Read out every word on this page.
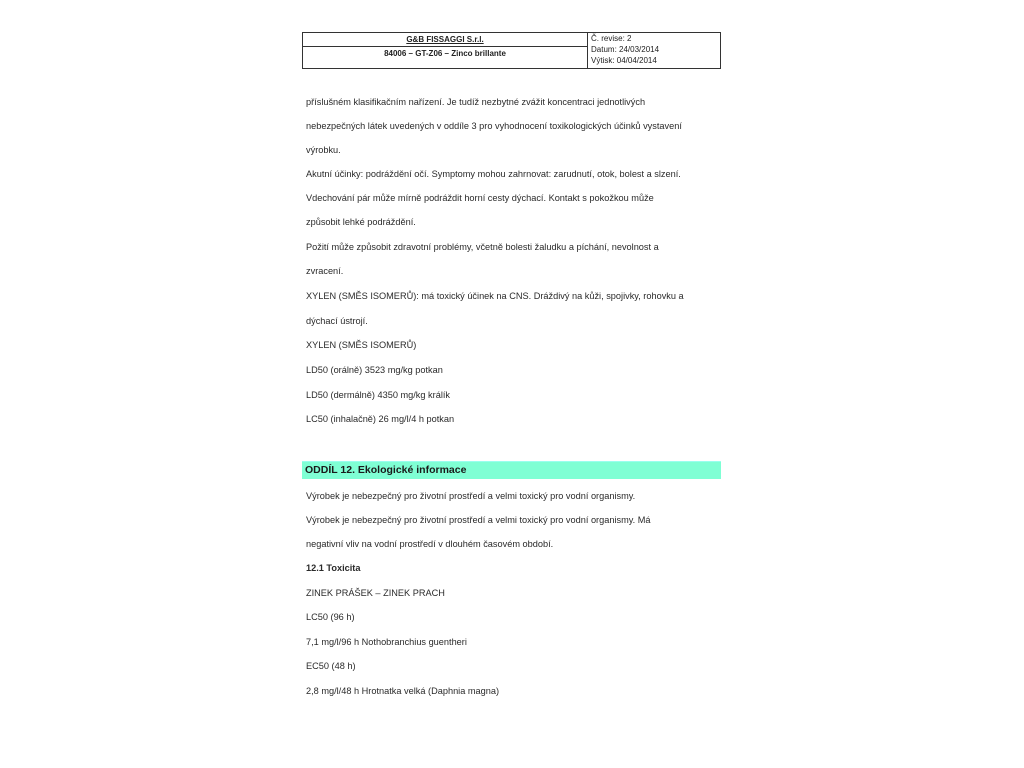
G&B FISSAGGI S.r.l.
84006 – GT-Z06 – Zinco brillante
Č. revise: 2
Datum: 24/03/2014
Výtisk: 04/04/2014
příslušném klasifikačním nařízení. Je tudíž nezbytné zvážit koncentraci jednotlivých
nebezpečných látek uvedených v oddíle 3 pro vyhodnocení toxikologických účinků vystavení
výrobku.
Akutní účinky: podráždění očí. Symptomy mohou zahrnovat: zarudnutí, otok, bolest a slzení.
Vdechování pár může mírně podráždit horní cesty dýchací. Kontakt s pokožkou může
způsobit lehké podráždění.
Požití může způsobit zdravotní problémy, včetně bolesti žaludku a píchání, nevolnost a
zvracení.
XYLEN (SMĚS ISOMERŮ): má toxický účinek na CNS. Dráždivý na kůži, spojivky, rohovku a
dýchací ústrojí.
XYLEN (SMĚS ISOMERŮ)
LD50 (orálně) 3523 mg/kg potkan
LD50 (dermálně) 4350 mg/kg králík
LC50 (inhalačně) 26 mg/l/4 h potkan
ODDÍL 12. Ekologické informace
Výrobek je nebezpečný pro životní prostředí a velmi toxický pro vodní organismy.
Výrobek je nebezpečný pro životní prostředí a velmi toxický pro vodní organismy. Má
negativní vliv na vodní prostředí v dlouhém časovém období.
12.1 Toxicita
ZINEK PRÁŠEK – ZINEK PRACH
LC50 (96 h)
7,1 mg/l/96 h Nothobranchius guentheri
EC50 (48 h)
2,8 mg/l/48 h Hrotnatka velká (Daphnia magna)
